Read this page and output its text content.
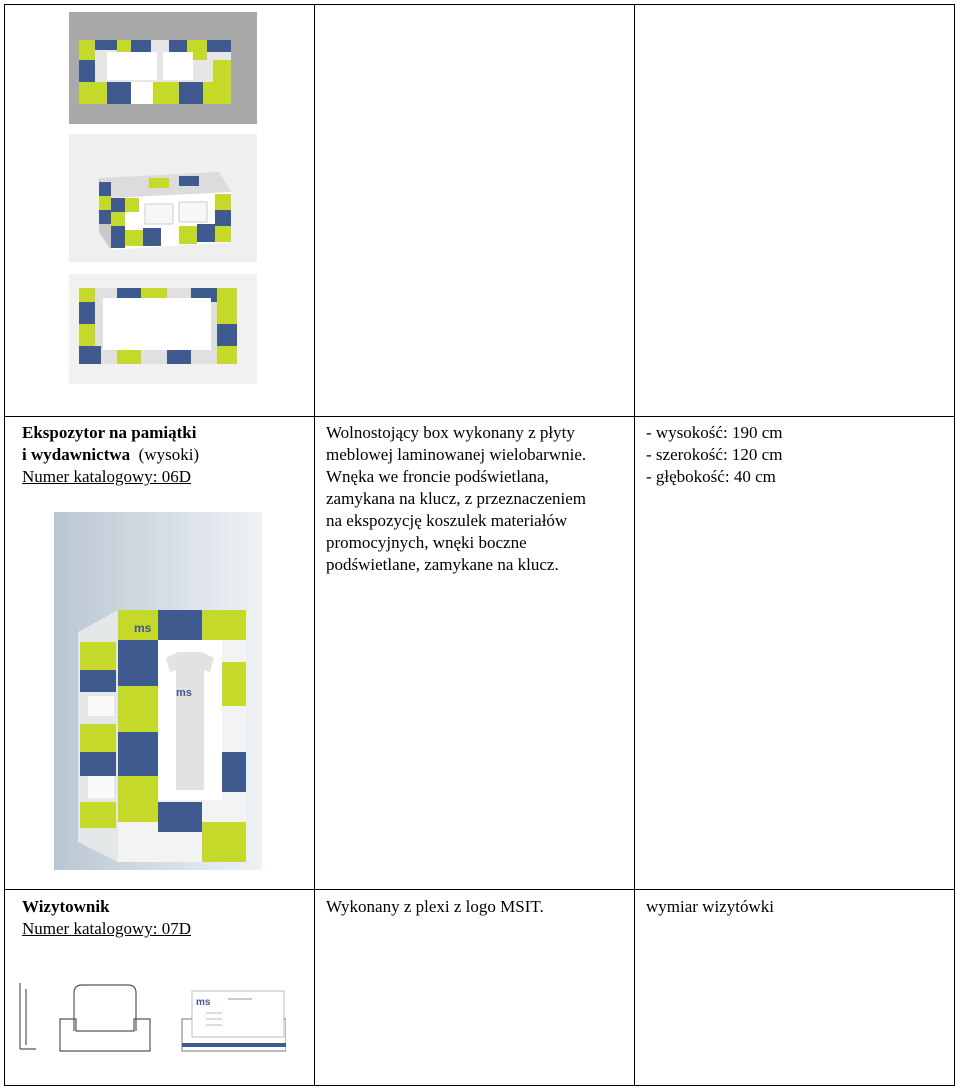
Ekspozytor na pamiątki
i wydawnictwa (wysoki)
Numer katalogowy: 06D
ms
ms
Wolnostojący box wykonany z płyty
meblowej laminowanej wielobarwnie.
Wnęka we froncie podświetlana,
zamykana na klucz, z przeznaczeniem
na ekspozycję koszulek materiałów
promocyjnych, wnęki boczne
podświetlane, zamykane na klucz.
- wysokość: 190 cm
- szerokość: 120 cm
- głębokość: 40 cm
Wizytownik
Numer katalogowy: 07D
ms
Wykonany z plexi z logo MSIT.	wymiar wizytówki
